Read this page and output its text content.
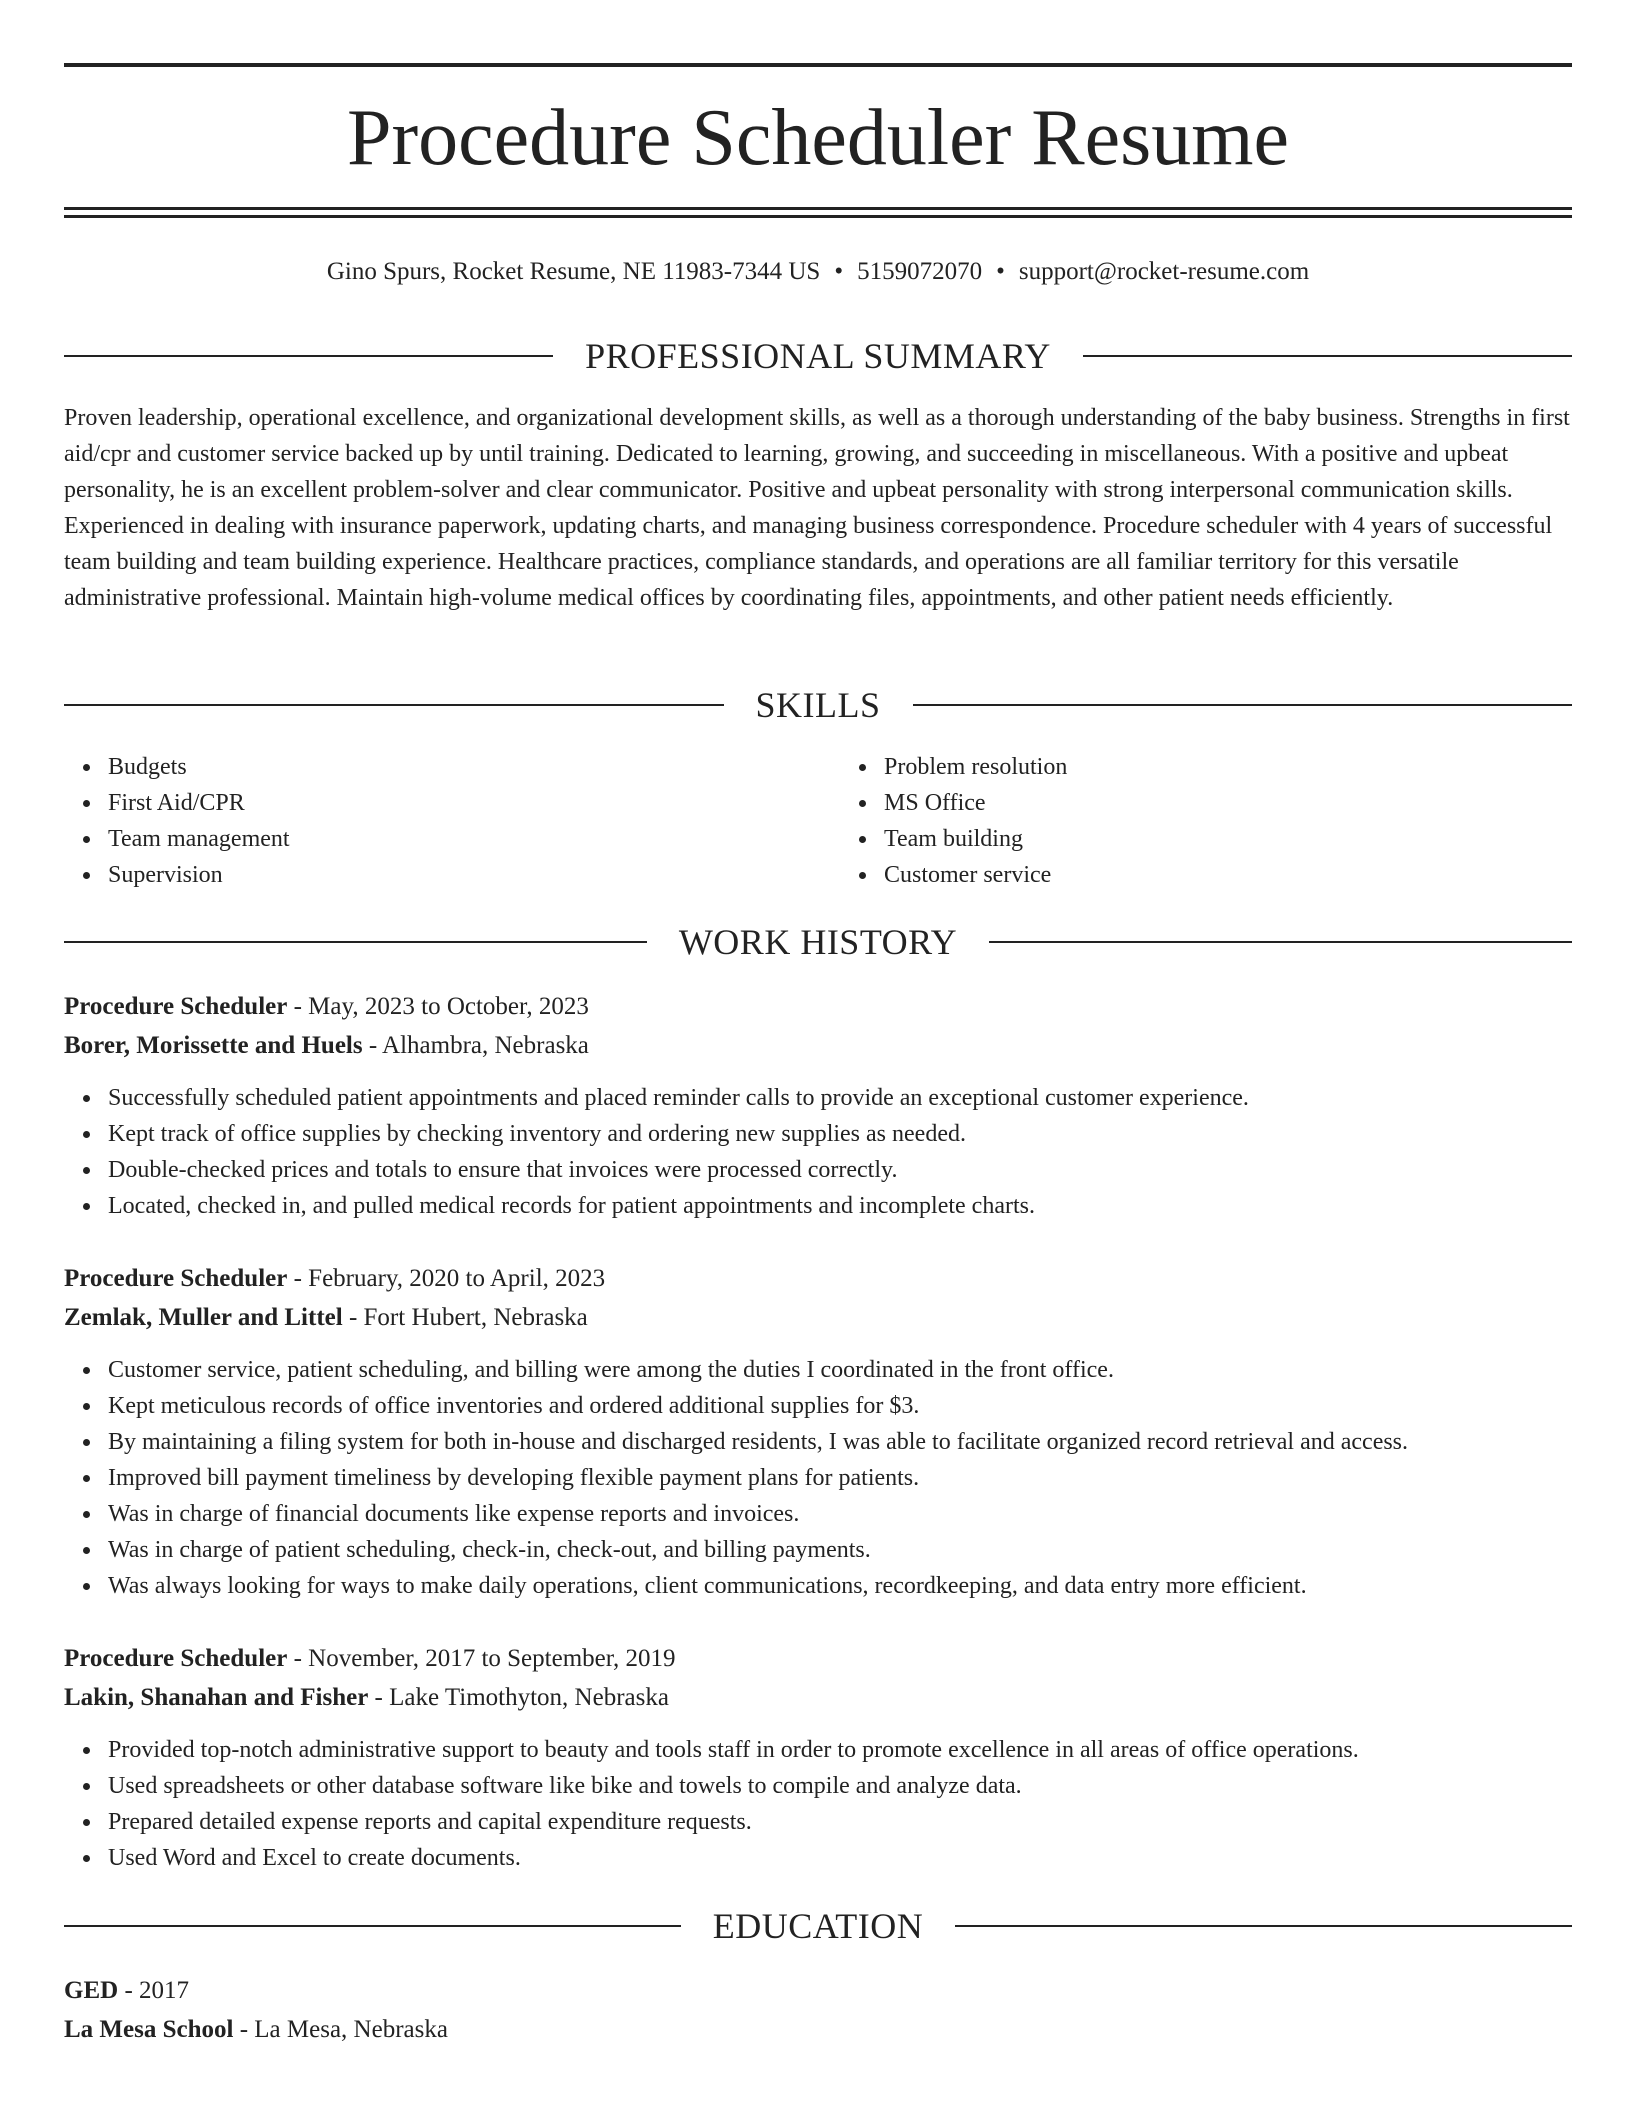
Procedure Scheduler Resume
Gino Spurs, Rocket Resume, NE 11983-7344 US • 5159072070 • support@rocket-resume.com
PROFESSIONAL SUMMARY

Proven leadership, operational excellence, and organizational development skills, as well as a thorough understanding of the baby business. Strengths in first aid/cpr and customer service backed up by until training. Dedicated to learning, growing, and succeeding in miscellaneous. With a positive and upbeat personality, he is an excellent problem-solver and clear communicator. Positive and upbeat personality with strong interpersonal communication skills. Experienced in dealing with insurance paperwork, updating charts, and managing business correspondence. Procedure scheduler with 4 years of successful team building and team building experience. Healthcare practices, compliance standards, and operations are all familiar territory for this versatile administrative professional. Maintain high-volume medical offices by coordinating files, appointments, and other patient needs efficiently.

SKILLS
Budgets
First Aid/CPR
Team management
Supervision
Problem resolution
MS Office
Team building
Customer service
WORK HISTORY
Procedure Scheduler - May, 2023 to October, 2023
Borer, Morissette and Huels - Alhambra, Nebraska
Successfully scheduled patient appointments and placed reminder calls to provide an exceptional customer experience.
Kept track of office supplies by checking inventory and ordering new supplies as needed.
Double-checked prices and totals to ensure that invoices were processed correctly.
Located, checked in, and pulled medical records for patient appointments and incomplete charts.
Procedure Scheduler - February, 2020 to April, 2023
Zemlak, Muller and Littel - Fort Hubert, Nebraska
Customer service, patient scheduling, and billing were among the duties I coordinated in the front office.
Kept meticulous records of office inventories and ordered additional supplies for $3.
By maintaining a filing system for both in-house and discharged residents, I was able to facilitate organized record retrieval and access.
Improved bill payment timeliness by developing flexible payment plans for patients.
Was in charge of financial documents like expense reports and invoices.
Was in charge of patient scheduling, check-in, check-out, and billing payments.
Was always looking for ways to make daily operations, client communications, recordkeeping, and data entry more efficient.
Procedure Scheduler - November, 2017 to September, 2019
Lakin, Shanahan and Fisher - Lake Timothyton, Nebraska
Provided top-notch administrative support to beauty and tools staff in order to promote excellence in all areas of office operations.
Used spreadsheets or other database software like bike and towels to compile and analyze data.
Prepared detailed expense reports and capital expenditure requests.
Used Word and Excel to create documents.
EDUCATION
GED - 2017
La Mesa School - La Mesa, Nebraska
